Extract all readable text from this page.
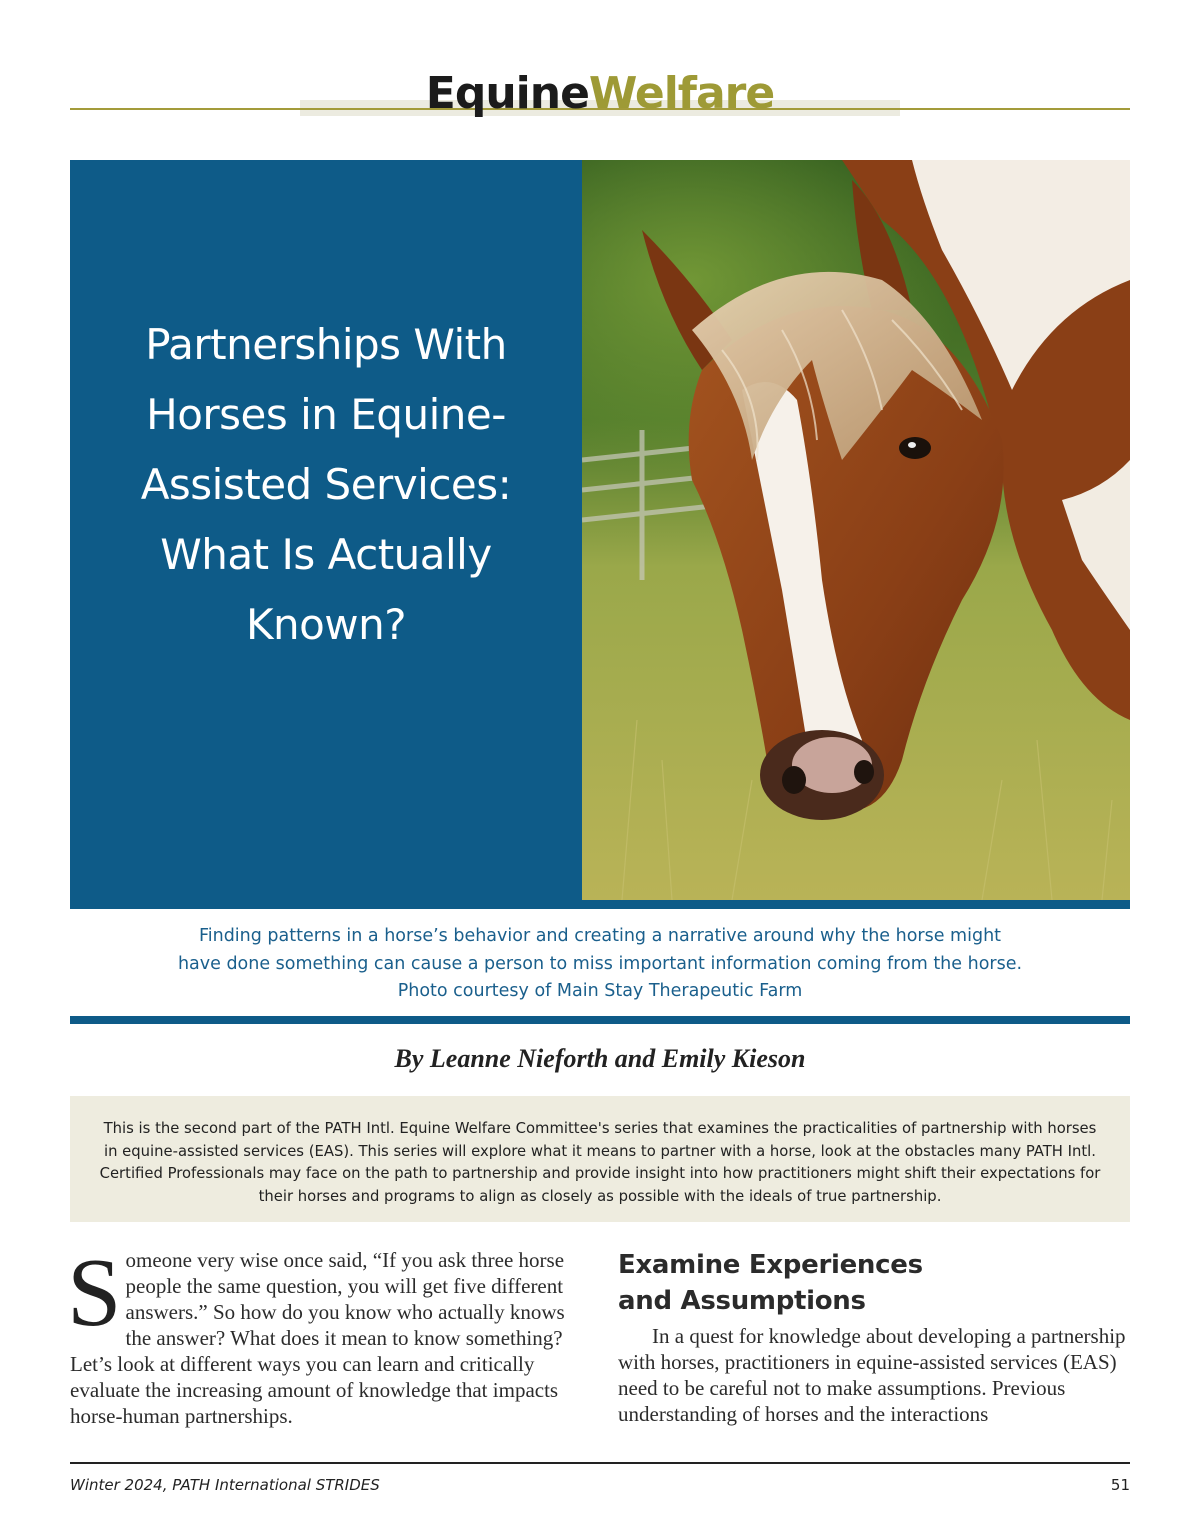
EquineWelfare
Partnerships With Horses in Equine-Assisted Services: What Is Actually Known?

Finding patterns in a horse’s behavior and creating a narrative around why the horse might

have done something can cause a person to miss important information coming from the horse.

Photo courtesy of Main Stay Therapeutic Farm

By Leanne Nieforth and Emily Kieson
This is the second part of the PATH Intl. Equine Welfare Committee's series that examines the practicalities of partnership with horses in equine-assisted services (EAS). This series will explore what it means to partner with a horse, look at the obstacles many PATH Intl. Certified Professionals may face on the path to partnership and provide insight into how practitioners might shift their expectations for their horses and programs to align as closely as possible with the ideals of true partnership.

Someone very wise once said, “If you ask three horse people the same question, you will get five different answers.” So how do you know who actually knows the answer? What does it mean to know something? Let’s look at different ways you can learn and critically evaluate the increasing amount of knowledge that impacts horse-human partnerships.

Examine Experiences
and Assumptions

In a quest for knowledge about developing a partnership with horses, practitioners in equine-assisted services (EAS) need to be careful not to make assumptions. Previous understanding of horses and the interactions

Winter 2024, PATH International STRIDES	51
